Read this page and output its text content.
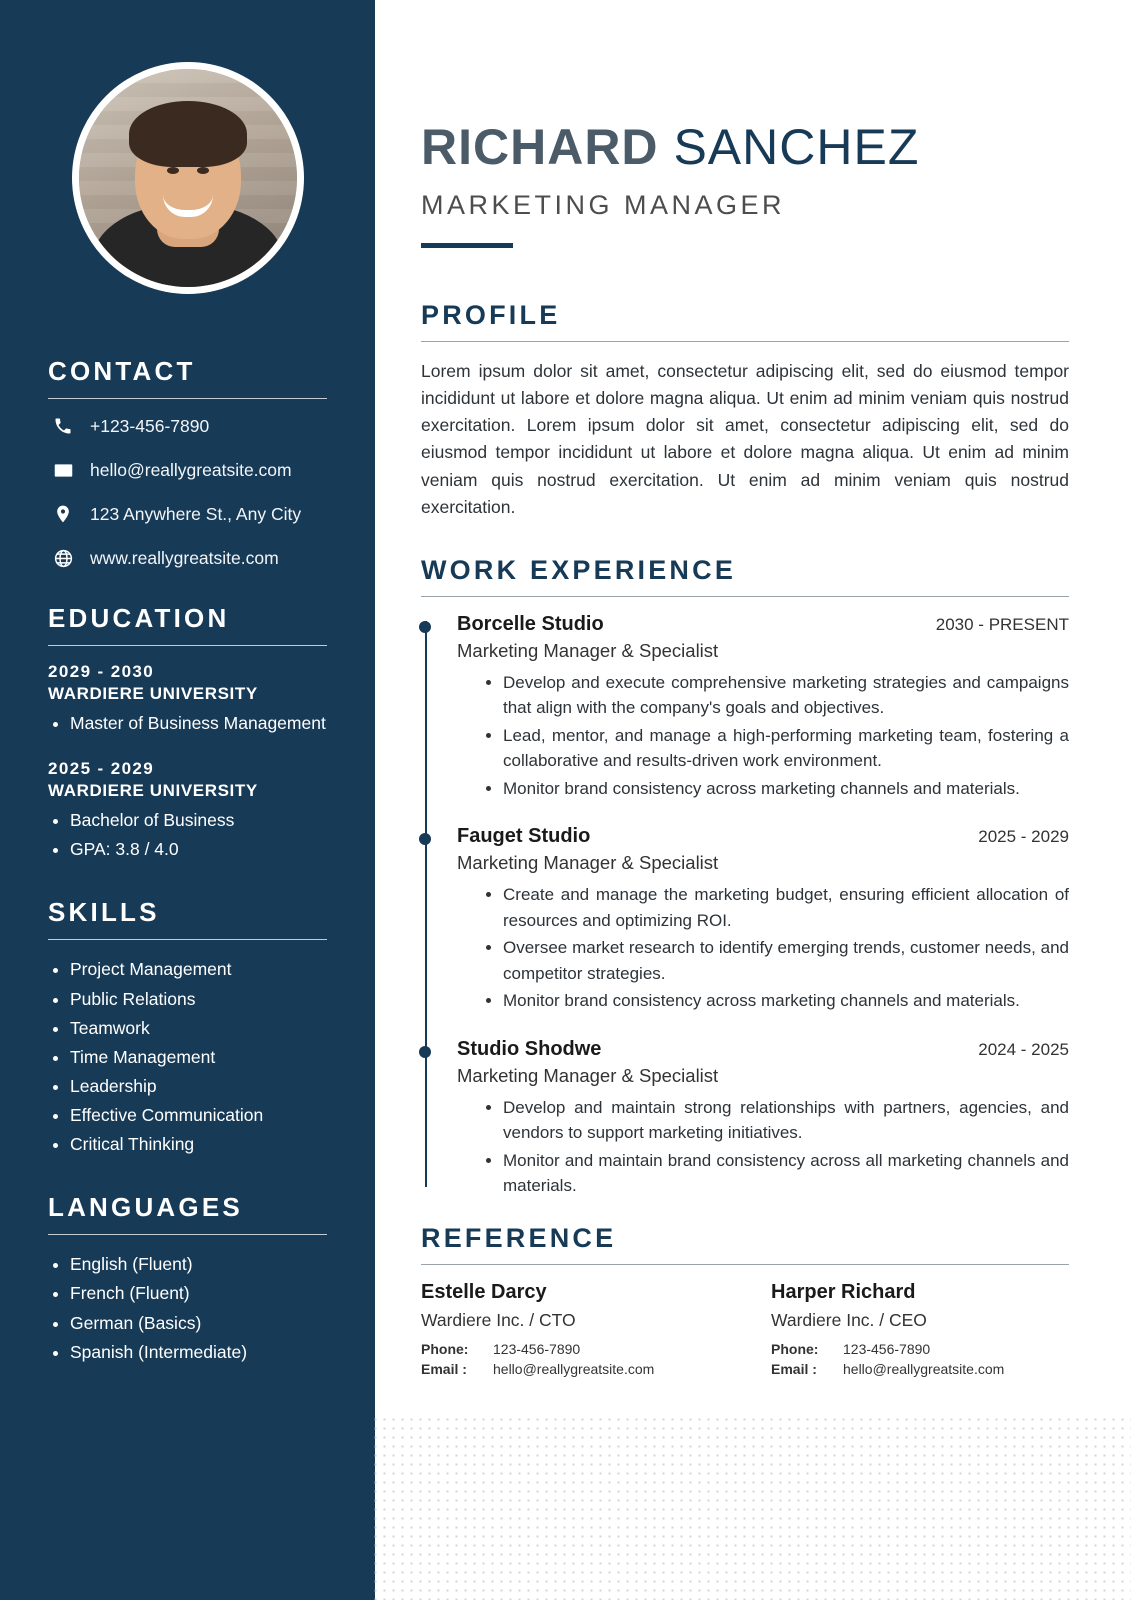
CONTACT
+123-456-7890
hello@reallygreatsite.com
123 Anywhere St., Any City
www.reallygreatsite.com
EDUCATION

2029 - 2030

WARDIERE UNIVERSITY

• Master of Business Management

2025 - 2029

WARDIERE UNIVERSITY

• Bachelor of Business
• GPA: 3.8 / 4.0
SKILLS
• Project Management
• Public Relations
• Teamwork
• Time Management
• Leadership
• Effective Communication
• Critical Thinking
LANGUAGES
• English (Fluent)
• French (Fluent)
• German (Basics)
• Spanish (Intermediate)
RICHARD SANCHEZ

MARKETING MANAGER

PROFILE

Lorem ipsum dolor sit amet, consectetur adipiscing elit, sed do eiusmod tempor incididunt ut labore et dolore magna aliqua. Ut enim ad minim veniam quis nostrud exercitation. Lorem ipsum dolor sit amet, consectetur adipiscing elit, sed do eiusmod tempor incididunt ut labore et dolore magna aliqua. Ut enim ad minim veniam quis nostrud exercitation. Ut enim ad minim veniam quis nostrud exercitation.

WORK EXPERIENCE

Borcelle Studio	2030 - PRESENT

Marketing Manager & Specialist

• Develop and execute comprehensive marketing strategies and campaigns that align with the company's goals and objectives.
• Lead, mentor, and manage a high-performing marketing team, fostering a collaborative and results-driven work environment.
• Monitor brand consistency across marketing channels and materials.

Fauget Studio	2025 - 2029

Marketing Manager & Specialist

• Create and manage the marketing budget, ensuring efficient allocation of resources and optimizing ROI.
• Oversee market research to identify emerging trends, customer needs, and competitor strategies.
• Monitor brand consistency across marketing channels and materials.

Studio Shodwe	2024 - 2025

Marketing Manager & Specialist

• Develop and maintain strong relationships with partners, agencies, and vendors to support marketing initiatives.
• Monitor and maintain brand consistency across all marketing channels and materials.
REFERENCE

Estelle Darcy

Wardiere Inc. / CTO

Phone:	123-456-7890
Email :	hello@reallygreatsite.com

Harper Richard

Wardiere Inc. / CEO

Phone:	123-456-7890
Email :	hello@reallygreatsite.com
